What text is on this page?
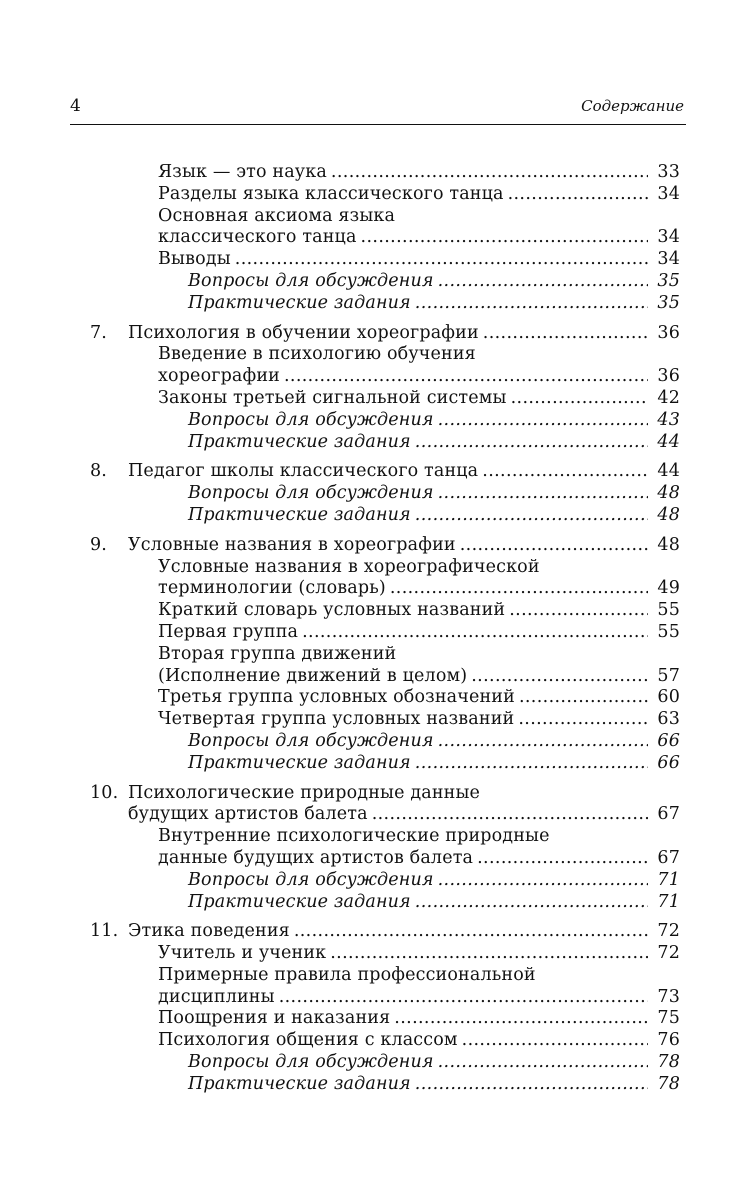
4	Содержание
Язык — это наука . . .	33
Разделы языка классического танца . . .	34
Основная аксиома языка
классического танца . . .	34
Выводы . . .	34
Вопросы для обсуждения . . .	35
Практические задания . . .	35
7.	Психология в обучении хореографии . . .	36
Введение в психологию обучения
хореографии . . .	36
Законы третьей сигнальной системы . . .	42
Вопросы для обсуждения . . .	43
Практические задания . . .	44
8.	Педагог школы классического танца . . .	44
Вопросы для обсуждения . . .	48
Практические задания . . .	48
9.	Условные названия в хореографии . . .	48
Условные названия в хореографической
терминологии (словарь) . . .	49
Краткий словарь условных названий . . .	55
Первая группа . . .	55
Вторая группа движений
(Исполнение движений в целом) . . .	57
Третья группа условных обозначений . . .	60
Четвертая группа условных названий . . .	63
Вопросы для обсуждения . . .	66
Практические задания . . .	66
10. Психологические природные данные
будущих артистов балета . . .	67
Внутренние психологические природные
данные будущих артистов балета . . .	67
Вопросы для обсуждения . . .	71
Практические задания . . .	71
11. Этика поведения . . .	72
Учитель и ученик . . .	72
Примерные правила профессиональной
дисциплины . . .	73
Поощрения и наказания . . .	75
Психология общения с классом . . .	76
Вопросы для обсуждения . . .	78
Практические задания . . .	78
